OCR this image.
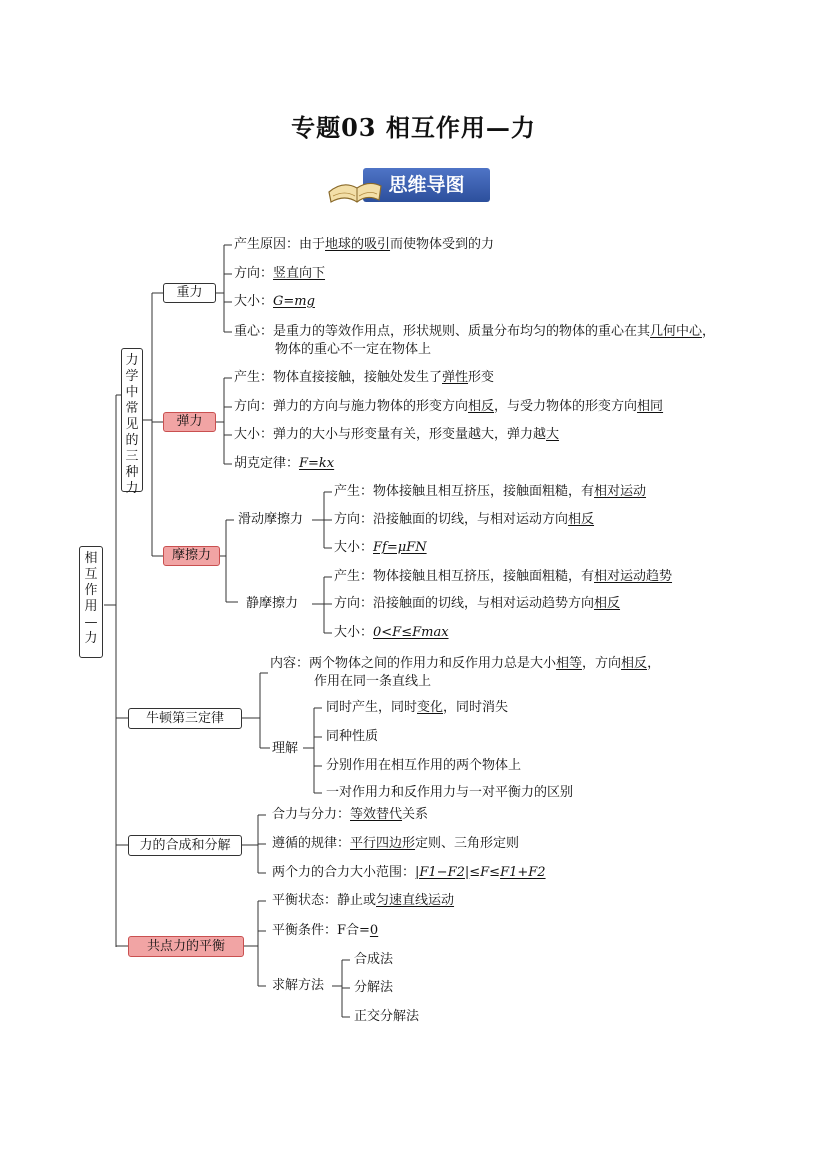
专题03 相互作用—力
思维导图
相
互
作
用
—
力
力
学
中
常
见
的
三
种
力
重力
产生原因：由于地球的吸引而使物体受到的力
方向：竖直向下
大小：G=mg
重心：是重力的等效作用点，形状规则、质量分布均匀的物体的重心在其几何中心，
物体的重心不一定在物体上
弹力
产生：物体直接接触，接触处发生了弹性形变
方向：弹力的方向与施力物体的形变方向相反，与受力物体的形变方向相同
大小：弹力的大小与形变量有关，形变量越大，弹力越大
胡克定律：F=kx
摩擦力
滑动摩擦力
产生：物体接触且相互挤压，接触面粗糙，有相对运动
方向：沿接触面的切线，与相对运动方向相反
大小：Ff=μFN
静摩擦力
产生：物体接触且相互挤压，接触面粗糙，有相对运动趋势
方向：沿接触面的切线，与相对运动趋势方向相反
大小：0<F≤Fmax
牛顿第三定律
内容：两个物体之间的作用力和反作用力总是大小相等，方向相反，
作用在同一条直线上
理解
同时产生，同时变化，同时消失
同种性质
分别作用在相互作用的两个物体上
一对作用力和反作用力与一对平衡力的区别
力的合成和分解
合力与分力：等效替代关系
遵循的规律：平行四边形定则、三角形定则
两个力的合力大小范围：|F1−F2|≤F≤F1+F2
共点力的平衡
平衡状态：静止或匀速直线运动
平衡条件：F合=0
求解方法
合成法
分解法
正交分解法
